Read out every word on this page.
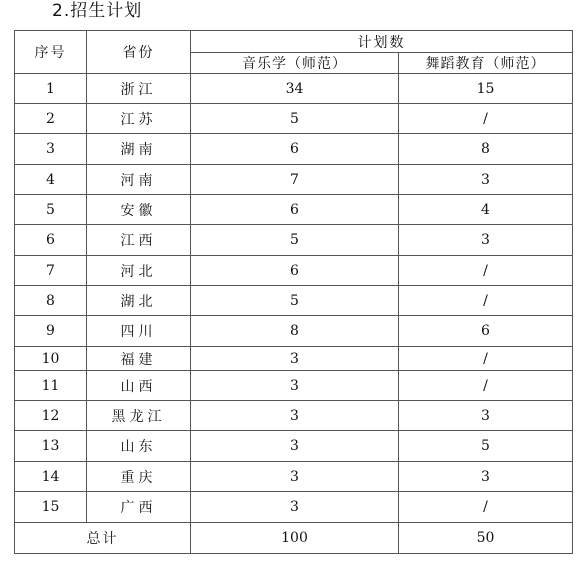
2.招生计划
序号	省份	计划数	
		音乐学（师范）	舞蹈教育（师范）
1	浙江	34	15
2	江苏	5	/
3	湖南	6	8
4	河南	7	3
5	安徽	6	4
6	江西	5	3
7	河北	6	/
8	湖北	5	/
9	四川	8	6
10	福建	3	/
11	山西	3	/
12	黑龙江	3	3
13	山东	3	5
14	重庆	3	3
15	广西	3	/
总计		100	50
